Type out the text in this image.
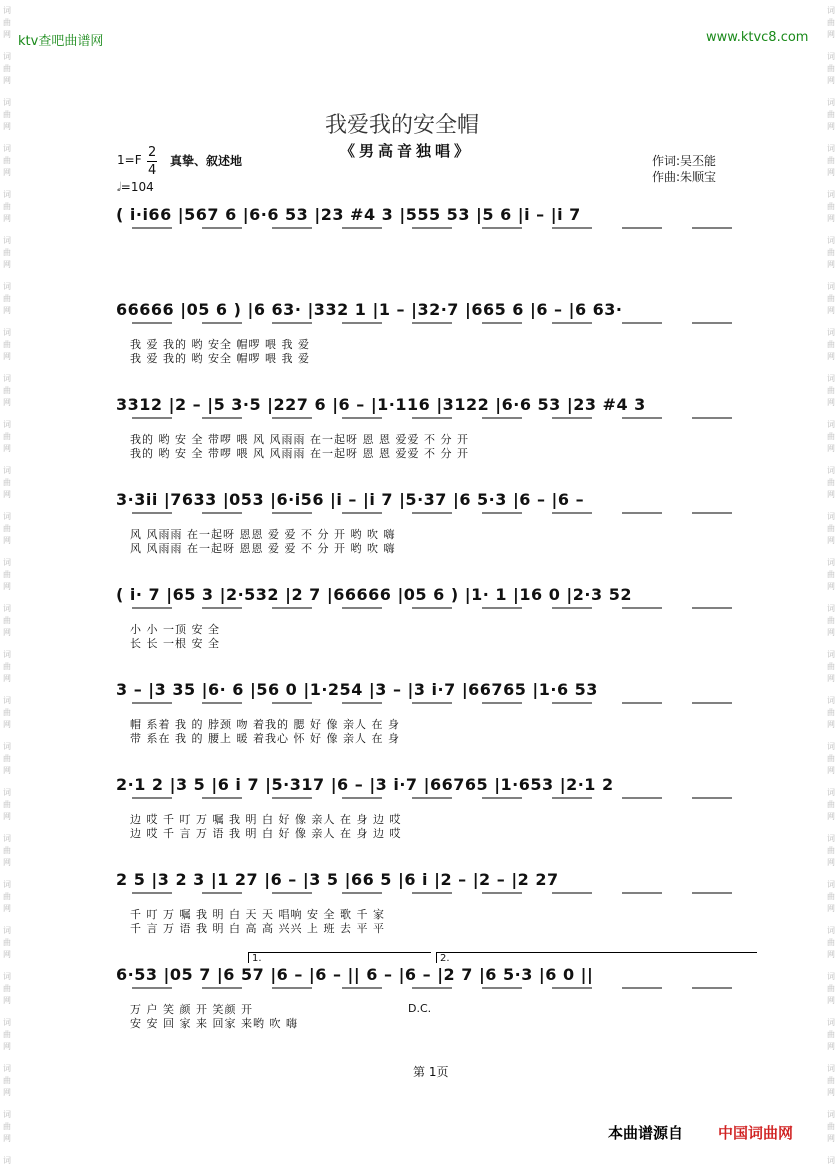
词
曲
网
词
曲
网
词
曲
网
词
曲
网
词
曲
网
词
曲
网
词
曲
网
词
曲
网
词
曲
网
词
曲
网
词
曲
网
词
曲
网
词
曲
网
词
曲
网
词
曲
网
词
曲
网
词
曲
网
词
曲
网
词
曲
网
词
曲
网
词
曲
网
词
曲
网
词
曲
网
词
曲
网
词
曲
网
词
词
曲
网
词
曲
网
词
曲
网
词
曲
网
词
曲
网
词
曲
网
词
曲
网
词
曲
网
词
曲
网
词
曲
网
词
曲
网
词
曲
网
词
曲
网
词
曲
网
词
曲
网
词
曲
网
词
曲
网
词
曲
网
词
曲
网
词
曲
网
词
曲
网
词
曲
网
词
曲
网
词
曲
网
词
曲
网
词
ktv查吧曲谱网	www.ktvc8.com
我爱我的安全帽
《男高音独唱》
1=F 2
4
真挚、叙述地
𝅗𝅥=104
作词:吴丕能
作曲:朱顺宝
( i·i66 |567 6 |6·6 53 |23 #4 3 |555 53 |5 6 |i – |i 7
66666 |05 6 ) |6 63· |332 1 |1 – |32·7 |665 6 |6 – |6 63·
我 爱 我的 哟 安全 帽啰 喂 我 爱
我 爱 我的 哟 安全 帽啰 喂 我 爱
3312 |2 – |5 3·5 |227 6 |6 – |1·116 |3122 |6·6 53 |23 #4 3
我的 哟 安 全 带啰 喂 风 风雨雨 在一起呀 恩 恩 爱爱 不 分 开
我的 哟 安 全 带啰 喂 风 风雨雨 在一起呀 恩 恩 爱爱 不 分 开
3·3ii |7633 |053 |6·i56 |i – |i 7 |5·37 |6 5·3 |6 – |6 –
风 风雨雨 在一起呀 恩恩 爱 爱 不 分 开 哟 吹 嗨
风 风雨雨 在一起呀 恩恩 爱 爱 不 分 开 哟 吹 嗨
( i· 7 |65 3 |2·532 |2 7 |66666 |05 6 ) |1· 1 |16 0 |2·3 52
小 小 一顶 安 全
长 长 一根 安 全
3 – |3 35 |6· 6 |56 0 |1·254 |3 – |3 i·7 |66765 |1·6 53
帽 系着 我 的 脖颈 吻 着我的 腮 好 像 亲人 在 身
带 系在 我 的 腰上 暖 着我心 怀 好 像 亲人 在 身
2·1 2 |3 5 |6 i 7 |5·317 |6 – |3 i·7 |66765 |1·653 |2·1 2
边 哎 千 叮 万 嘱 我 明 白 好 像 亲人 在 身 边 哎
边 哎 千 言 万 语 我 明 白 好 像 亲人 在 身 边 哎
2 5 |3 2 3 |1 27 |6 – |3 5 |66 5 |6 i |2 – |2 – |2 27
千 叮 万 嘱 我 明 白 天 天 唱响 安 全 歌 千 家
千 言 万 语 我 明 白 高 高 兴兴 上 班 去 平 平
6·53 |05 7 |6 57 |6 – |6 – || 6 – |6 – |2 7 |6 5·3 |6 0 ||
万 户 笑 颜 开 笑颜 开
安 安 回 家 来 回家 来哟 吹 嗨
1.	2.
D.C.
第 1页
本曲谱源自 中国词曲网
